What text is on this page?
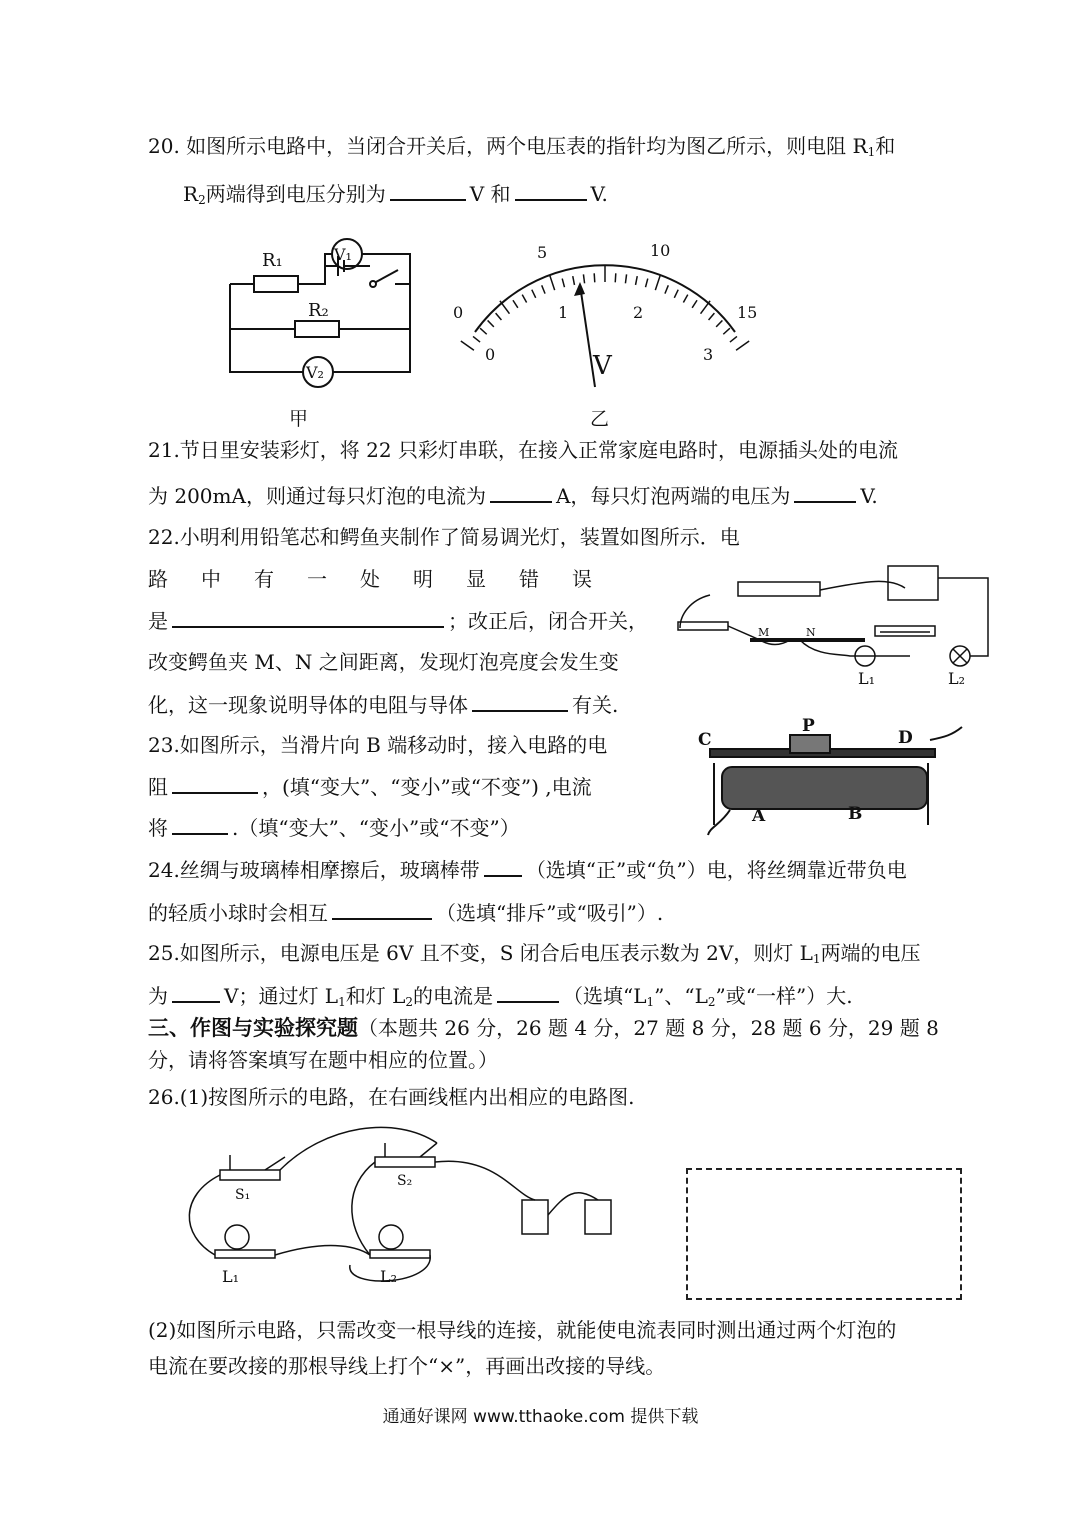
20. 如图所示电路中，当闭合开关后，两个电压表的指针均为图乙所示，则电阻 $R_1$和
$R_2$两端得到电压分别为	V 和	V.
R₁
R₂
V₁
V₂
甲
0
5	10
15
0
1	2
3
V
乙
21.节日里安装彩灯，将 22 只彩灯串联，在接入正常家庭电路时，电源插头处的电流
为 200mA，则通过每只灯泡的电流为	A，每只灯泡两端的电压为	V.
22.小明利用铅笔芯和鳄鱼夹制作了简易调光灯，装置如图所示．电
路中有一处明显错误
是	；改正后，闭合开关，
改变鳄鱼夹 M、N 之间距离，发现灯泡亮度会发生变
化，这一现象说明导体的电阻与导体	有关.
M	N
L₁	L₂
23.如图所示，当滑片向 B 端移动时，接入电路的电
阻	，(填“变大”、“变小”或“不变”) ,电流
将	.（填“变大”、“变小”或“不变”）
C
P
D
A	B
24.丝绸与玻璃棒相摩擦后，玻璃棒带 （选填“正”或“负”）电，将丝绸靠近带负电
的轻质小球时会相互	（选填“排斥”或“吸引”）.
25.如图所示，电源电压是 6V 且不变，S 闭合后电压表示数为 2V，则灯 $L_1$两端的电压
为	V；通过灯 $L_1$和灯 $L_2$的电流是	（选填“$L_1$”、“$L_2$”或“一样”）大.
三、作图与实验探究题（本题共 26 分，26 题 4 分，27 题 8 分，28 题 6 分，29 题 8
分，请将答案填写在题中相应的位置。）
26.(1)按图所示的电路，在右画线框内出相应的电路图.
S₁
S₂
L₁	L₂
(2)如图所示电路，只需改变一根导线的连接，就能使电流表同时测出通过两个灯泡的
电流在要改接的那根导线上打个“×”，再画出改接的导线。
通通好课网 www.tthaoke.com 提供下载
